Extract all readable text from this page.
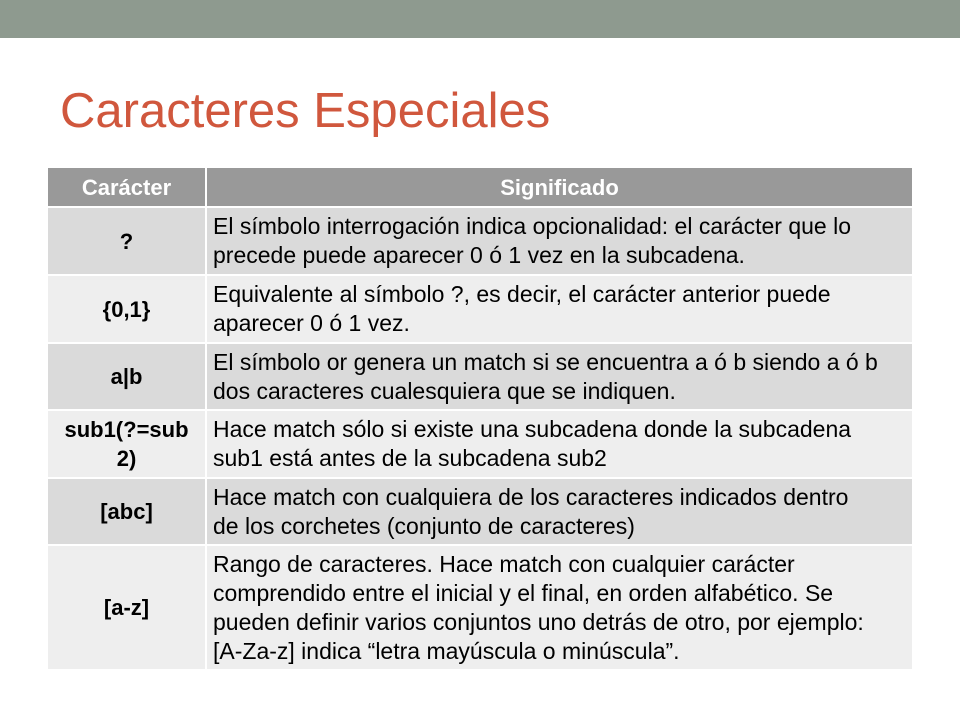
Caracteres Especiales
Carácter	Significado
?
El símbolo interrogación indica opcionalidad: el carácter que lo
precede puede aparecer 0 ó 1 vez en la subcadena.
{0,1}
Equivalente al símbolo ?, es decir, el carácter anterior puede
aparecer 0 ó 1 vez.
a|b
El símbolo or genera un match si se encuentra a ó b siendo a ó b
dos caracteres cualesquiera que se indiquen.
sub1(?=sub
2)
Hace match sólo si existe una subcadena donde la subcadena
sub1 está antes de la subcadena sub2
[abc]
Hace match con cualquiera de los caracteres indicados dentro
de los corchetes (conjunto de caracteres)
[a-z]
Rango de caracteres. Hace match con cualquier carácter
comprendido entre el inicial y el final, en orden alfabético. Se
pueden definir varios conjuntos uno detrás de otro, por ejemplo:
[A-Za-z] indica “letra mayúscula o minúscula”.
